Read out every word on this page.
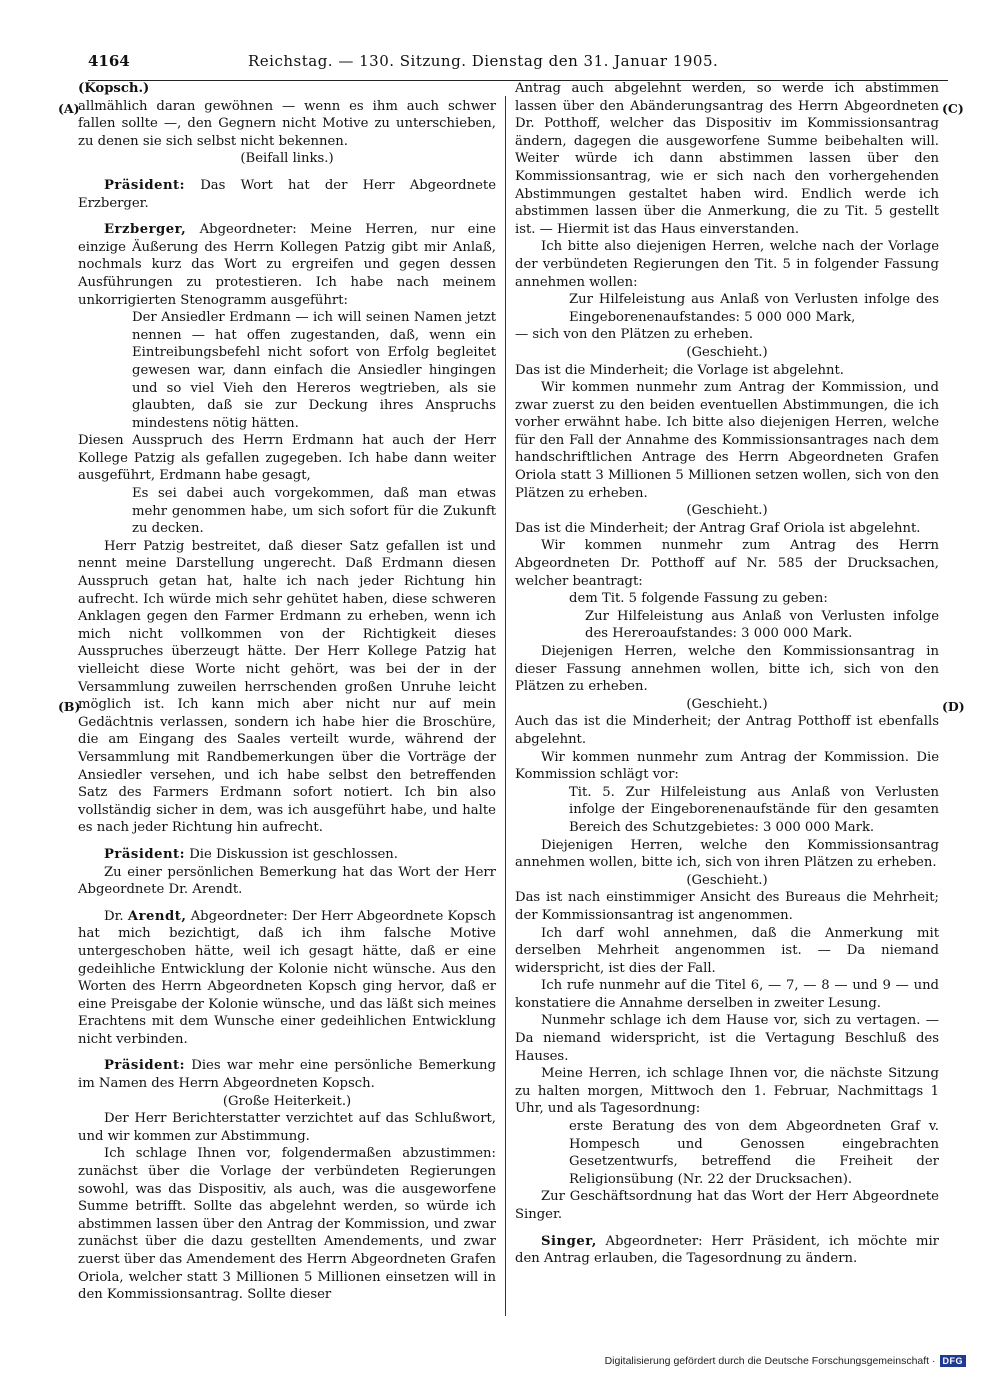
4164	Reichstag. — 130. Sitzung. Dienstag den 31. Januar 1905.
(A)
(B)
(C)
(D)

(Kopsch.)

allmählich daran gewöhnen — wenn es ihm auch schwer fallen sollte —, den Gegnern nicht Motive zu unterschieben, zu denen sie sich selbst nicht bekennen.

(Beifall links.)

Präsident: Das Wort hat der Herr Abgeordnete Erzberger.

Erzberger, Abgeordneter: Meine Herren, nur eine einzige Äußerung des Herrn Kollegen Patzig gibt mir Anlaß, nochmals kurz das Wort zu ergreifen und gegen dessen Ausführungen zu protestieren. Ich habe nach meinem unkorrigierten Stenogramm ausgeführt:

Der Ansiedler Erdmann — ich will seinen Namen jetzt nennen — hat offen zugestanden, daß, wenn ein Eintreibungsbefehl nicht sofort von Erfolg begleitet gewesen war, dann einfach die Ansiedler hingingen und so viel Vieh den Hereros wegtrieben, als sie glaubten, daß sie zur Deckung ihres Anspruchs mindestens nötig hätten.

Diesen Ausspruch des Herrn Erdmann hat auch der Herr Kollege Patzig als gefallen zugegeben. Ich habe dann weiter ausgeführt, Erdmann habe gesagt,

Es sei dabei auch vorgekommen, daß man etwas mehr genommen habe, um sich sofort für die Zukunft zu decken.

Herr Patzig bestreitet, daß dieser Satz gefallen ist und nennt meine Darstellung ungerecht. Daß Erdmann diesen Ausspruch getan hat, halte ich nach jeder Richtung hin aufrecht. Ich würde mich sehr gehütet haben, diese schweren Anklagen gegen den Farmer Erdmann zu erheben, wenn ich mich nicht vollkommen von der Richtigkeit dieses Ausspruches überzeugt hätte. Der Herr Kollege Patzig hat vielleicht diese Worte nicht gehört, was bei der in der Versammlung zuweilen herrschenden großen Unruhe leicht möglich ist. Ich kann mich aber nicht nur auf mein Gedächtnis verlassen, sondern ich habe hier die Broschüre, die am Eingang des Saales verteilt wurde, während der Versammlung mit Randbemerkungen über die Vorträge der Ansiedler versehen, und ich habe selbst den betreffenden Satz des Farmers Erdmann sofort notiert. Ich bin also vollständig sicher in dem, was ich ausgeführt habe, und halte es nach jeder Richtung hin aufrecht.

Präsident: Die Diskussion ist geschlossen.

Zu einer persönlichen Bemerkung hat das Wort der Herr Abgeordnete Dr. Arendt.

Dr. Arendt, Abgeordneter: Der Herr Abgeordnete Kopsch hat mich bezichtigt, daß ich ihm falsche Motive untergeschoben hätte, weil ich gesagt hätte, daß er eine gedeihliche Entwicklung der Kolonie nicht wünsche. Aus den Worten des Herrn Abgeordneten Kopsch ging hervor, daß er eine Preisgabe der Kolonie wünsche, und das läßt sich meines Erachtens mit dem Wunsche einer gedeihlichen Entwicklung nicht verbinden.

Präsident: Dies war mehr eine persönliche Bemerkung im Namen des Herrn Abgeordneten Kopsch.

(Große Heiterkeit.)

Der Herr Berichterstatter verzichtet auf das Schlußwort, und wir kommen zur Abstimmung.

Ich schlage Ihnen vor, folgendermaßen abzustimmen: zunächst über die Vorlage der verbündeten Regierungen sowohl, was das Dispositiv, als auch, was die ausgeworfene Summe betrifft. Sollte das abgelehnt werden, so würde ich abstimmen lassen über den Antrag der Kommission, und zwar zunächst über die dazu gestellten Amendements, und zwar zuerst über das Amendement des Herrn Abgeordneten Grafen Oriola, welcher statt 3 Millionen 5 Millionen einsetzen will in den Kommissionsantrag. Sollte dieser

Antrag auch abgelehnt werden, so werde ich abstimmen lassen über den Abänderungsantrag des Herrn Abgeordneten Dr. Potthoff, welcher das Dispositiv im Kommissionsantrag ändern, dagegen die ausgeworfene Summe beibehalten will. Weiter würde ich dann abstimmen lassen über den Kommissionsantrag, wie er sich nach den vorhergehenden Abstimmungen gestaltet haben wird. Endlich werde ich abstimmen lassen über die Anmerkung, die zu Tit. 5 gestellt ist. — Hiermit ist das Haus einverstanden.

Ich bitte also diejenigen Herren, welche nach der Vorlage der verbündeten Regierungen den Tit. 5 in folgender Fassung annehmen wollen:

Zur Hilfeleistung aus Anlaß von Verlusten infolge des Eingeborenenaufstandes: 5 000 000 Mark,

— sich von den Plätzen zu erheben.

(Geschieht.)

Das ist die Minderheit; die Vorlage ist abgelehnt.

Wir kommen nunmehr zum Antrag der Kommission, und zwar zuerst zu den beiden eventuellen Abstimmungen, die ich vorher erwähnt habe. Ich bitte also diejenigen Herren, welche für den Fall der Annahme des Kommissionsantrages nach dem handschriftlichen Antrage des Herrn Abgeordneten Grafen Oriola statt 3 Millionen 5 Millionen setzen wollen, sich von den Plätzen zu erheben.

(Geschieht.)

Das ist die Minderheit; der Antrag Graf Oriola ist abgelehnt.

Wir kommen nunmehr zum Antrag des Herrn Abgeordneten Dr. Potthoff auf Nr. 585 der Drucksachen, welcher beantragt:

dem Tit. 5 folgende Fassung zu geben:

Zur Hilfeleistung aus Anlaß von Verlusten infolge des Hereroaufstandes: 3 000 000 Mark.

Diejenigen Herren, welche den Kommissionsantrag in dieser Fassung annehmen wollen, bitte ich, sich von den Plätzen zu erheben.

(Geschieht.)

Auch das ist die Minderheit; der Antrag Potthoff ist ebenfalls abgelehnt.

Wir kommen nunmehr zum Antrag der Kommission. Die Kommission schlägt vor:

Tit. 5. Zur Hilfeleistung aus Anlaß von Verlusten infolge der Eingeborenenaufstände für den gesamten Bereich des Schutzgebietes: 3 000 000 Mark.

Diejenigen Herren, welche den Kommissionsantrag annehmen wollen, bitte ich, sich von ihren Plätzen zu erheben.

(Geschieht.)

Das ist nach einstimmiger Ansicht des Bureaus die Mehrheit; der Kommissionsantrag ist angenommen.

Ich darf wohl annehmen, daß die Anmerkung mit derselben Mehrheit angenommen ist. — Da niemand widerspricht, ist dies der Fall.

Ich rufe nunmehr auf die Titel 6, — 7, — 8 — und 9 — und konstatiere die Annahme derselben in zweiter Lesung.

Nunmehr schlage ich dem Hause vor, sich zu vertagen. — Da niemand widerspricht, ist die Vertagung Beschluß des Hauses.

Meine Herren, ich schlage Ihnen vor, die nächste Sitzung zu halten morgen, Mittwoch den 1. Februar, Nachmittags 1 Uhr, und als Tagesordnung:

erste Beratung des von dem Abgeordneten Graf v. Hompesch und Genossen eingebrachten Gesetzentwurfs, betreffend die Freiheit der Religionsübung (Nr. 22 der Drucksachen).

Zur Geschäftsordnung hat das Wort der Herr Abgeordnete Singer.

Singer, Abgeordneter: Herr Präsident, ich möchte mir den Antrag erlauben, die Tagesordnung zu ändern.

Digitalisierung gefördert durch die Deutsche Forschungsgemeinschaft · DFG
